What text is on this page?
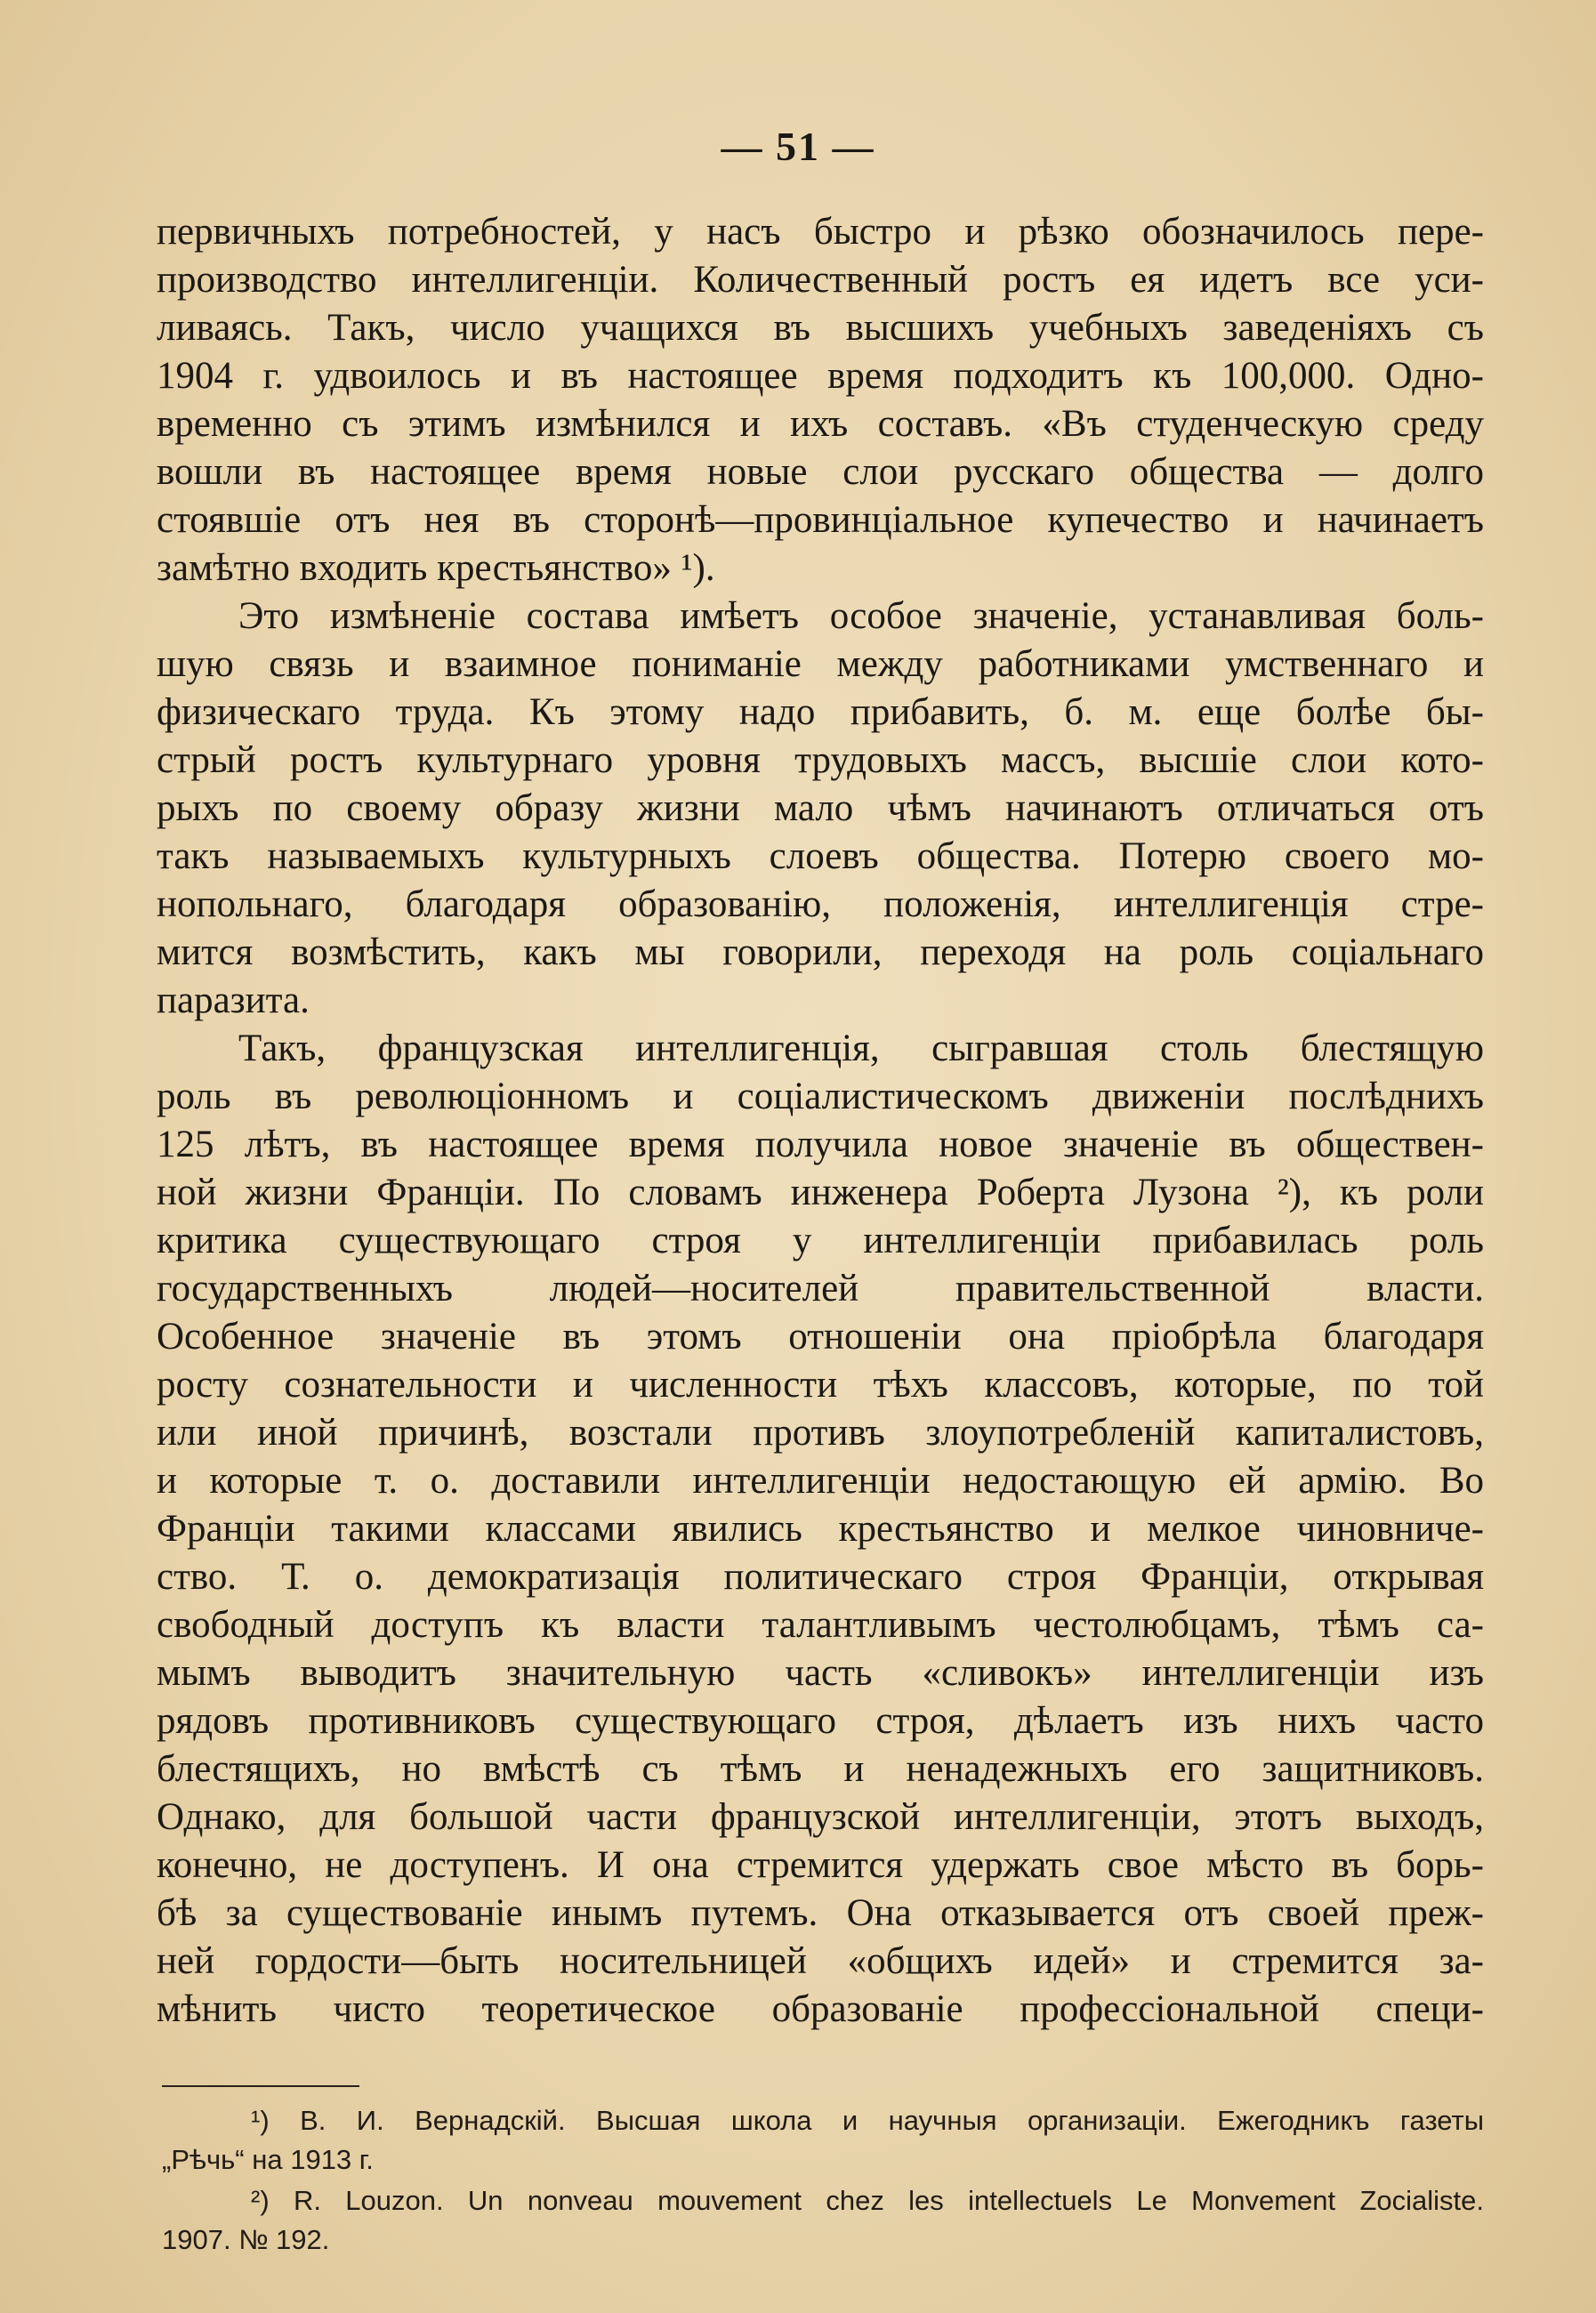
— 51 —
первичныхъ потребностей, у насъ быстро и рѣзко обозначилось пере-
производство интеллигенціи. Количественный ростъ ея идетъ все уси-
ливаясь. Такъ, число учащихся въ высшихъ учебныхъ заведеніяхъ съ
1904 г. удвоилось и въ настоящее время подходитъ къ 100,000. Одно-
временно съ этимъ измѣнился и ихъ составъ. «Въ студенческую среду
вошли въ настоящее время новые слои русскаго общества — долго
стоявшіе отъ нея въ сторонѣ—провинціальное купечество и начинаетъ
замѣтно входить крестьянство» ¹).
Это измѣненіе состава имѣетъ особое значеніе, устанавливая боль-
шую связь и взаимное пониманіе между работниками умственнаго и
физическаго труда. Къ этому надо прибавить, б. м. еще болѣе бы-
стрый ростъ культурнаго уровня трудовыхъ массъ, высшіе слои кото-
рыхъ по своему образу жизни мало чѣмъ начинаютъ отличаться отъ
такъ называемыхъ культурныхъ слоевъ общества. Потерю своего мо-
нопольнаго, благодаря образованію, положенія, интеллигенція стре-
мится возмѣстить, какъ мы говорили, переходя на роль соціальнаго
паразита.
Такъ, французская интеллигенція, сыгравшая столь блестящую
роль въ революціонномъ и соціалистическомъ движеніи послѣднихъ
125 лѣтъ, въ настоящее время получила новое значеніе въ обществен-
ной жизни Франціи. По словамъ инженера Роберта Лузона ²), къ роли
критика существующаго строя у интеллигенціи прибавилась роль
государственныхъ людей—носителей правительственной власти.
Особенное значеніе въ этомъ отношеніи она пріобрѣла благодаря
росту сознательности и численности тѣхъ классовъ, которые, по той
или иной причинѣ, возстали противъ злоупотребленій капиталистовъ,
и которые т. о. доставили интеллигенціи недостающую ей армію. Во
Франціи такими классами явились крестьянство и мелкое чиновниче-
ство. Т. о. демократизація политическаго строя Франціи, открывая
свободный доступъ къ власти талантливымъ честолюбцамъ, тѣмъ са-
мымъ выводитъ значительную часть «сливокъ» интеллигенціи изъ
рядовъ противниковъ существующаго строя, дѣлаетъ изъ нихъ часто
блестящихъ, но вмѣстѣ съ тѣмъ и ненадежныхъ его защитниковъ.
Однако, для большой части французской интеллигенціи, этотъ выходъ,
конечно, не доступенъ. И она стремится удержать свое мѣсто въ борь-
бѣ за существованіе инымъ путемъ. Она отказывается отъ своей преж-
ней гордости—быть носительницей «общихъ идей» и стремится за-
мѣнить чисто теоретическое образованіе профессіональной специ-
¹) В. И. Вернадскій. Высшая школа и научныя организаціи. Ежегодникъ газеты
„Рѣчь“ на 1913 г.
²) R. Louzon. Un nonveau mouvement chez les intellectuels Le Monvement Zocialiste.
1907. № 192.
